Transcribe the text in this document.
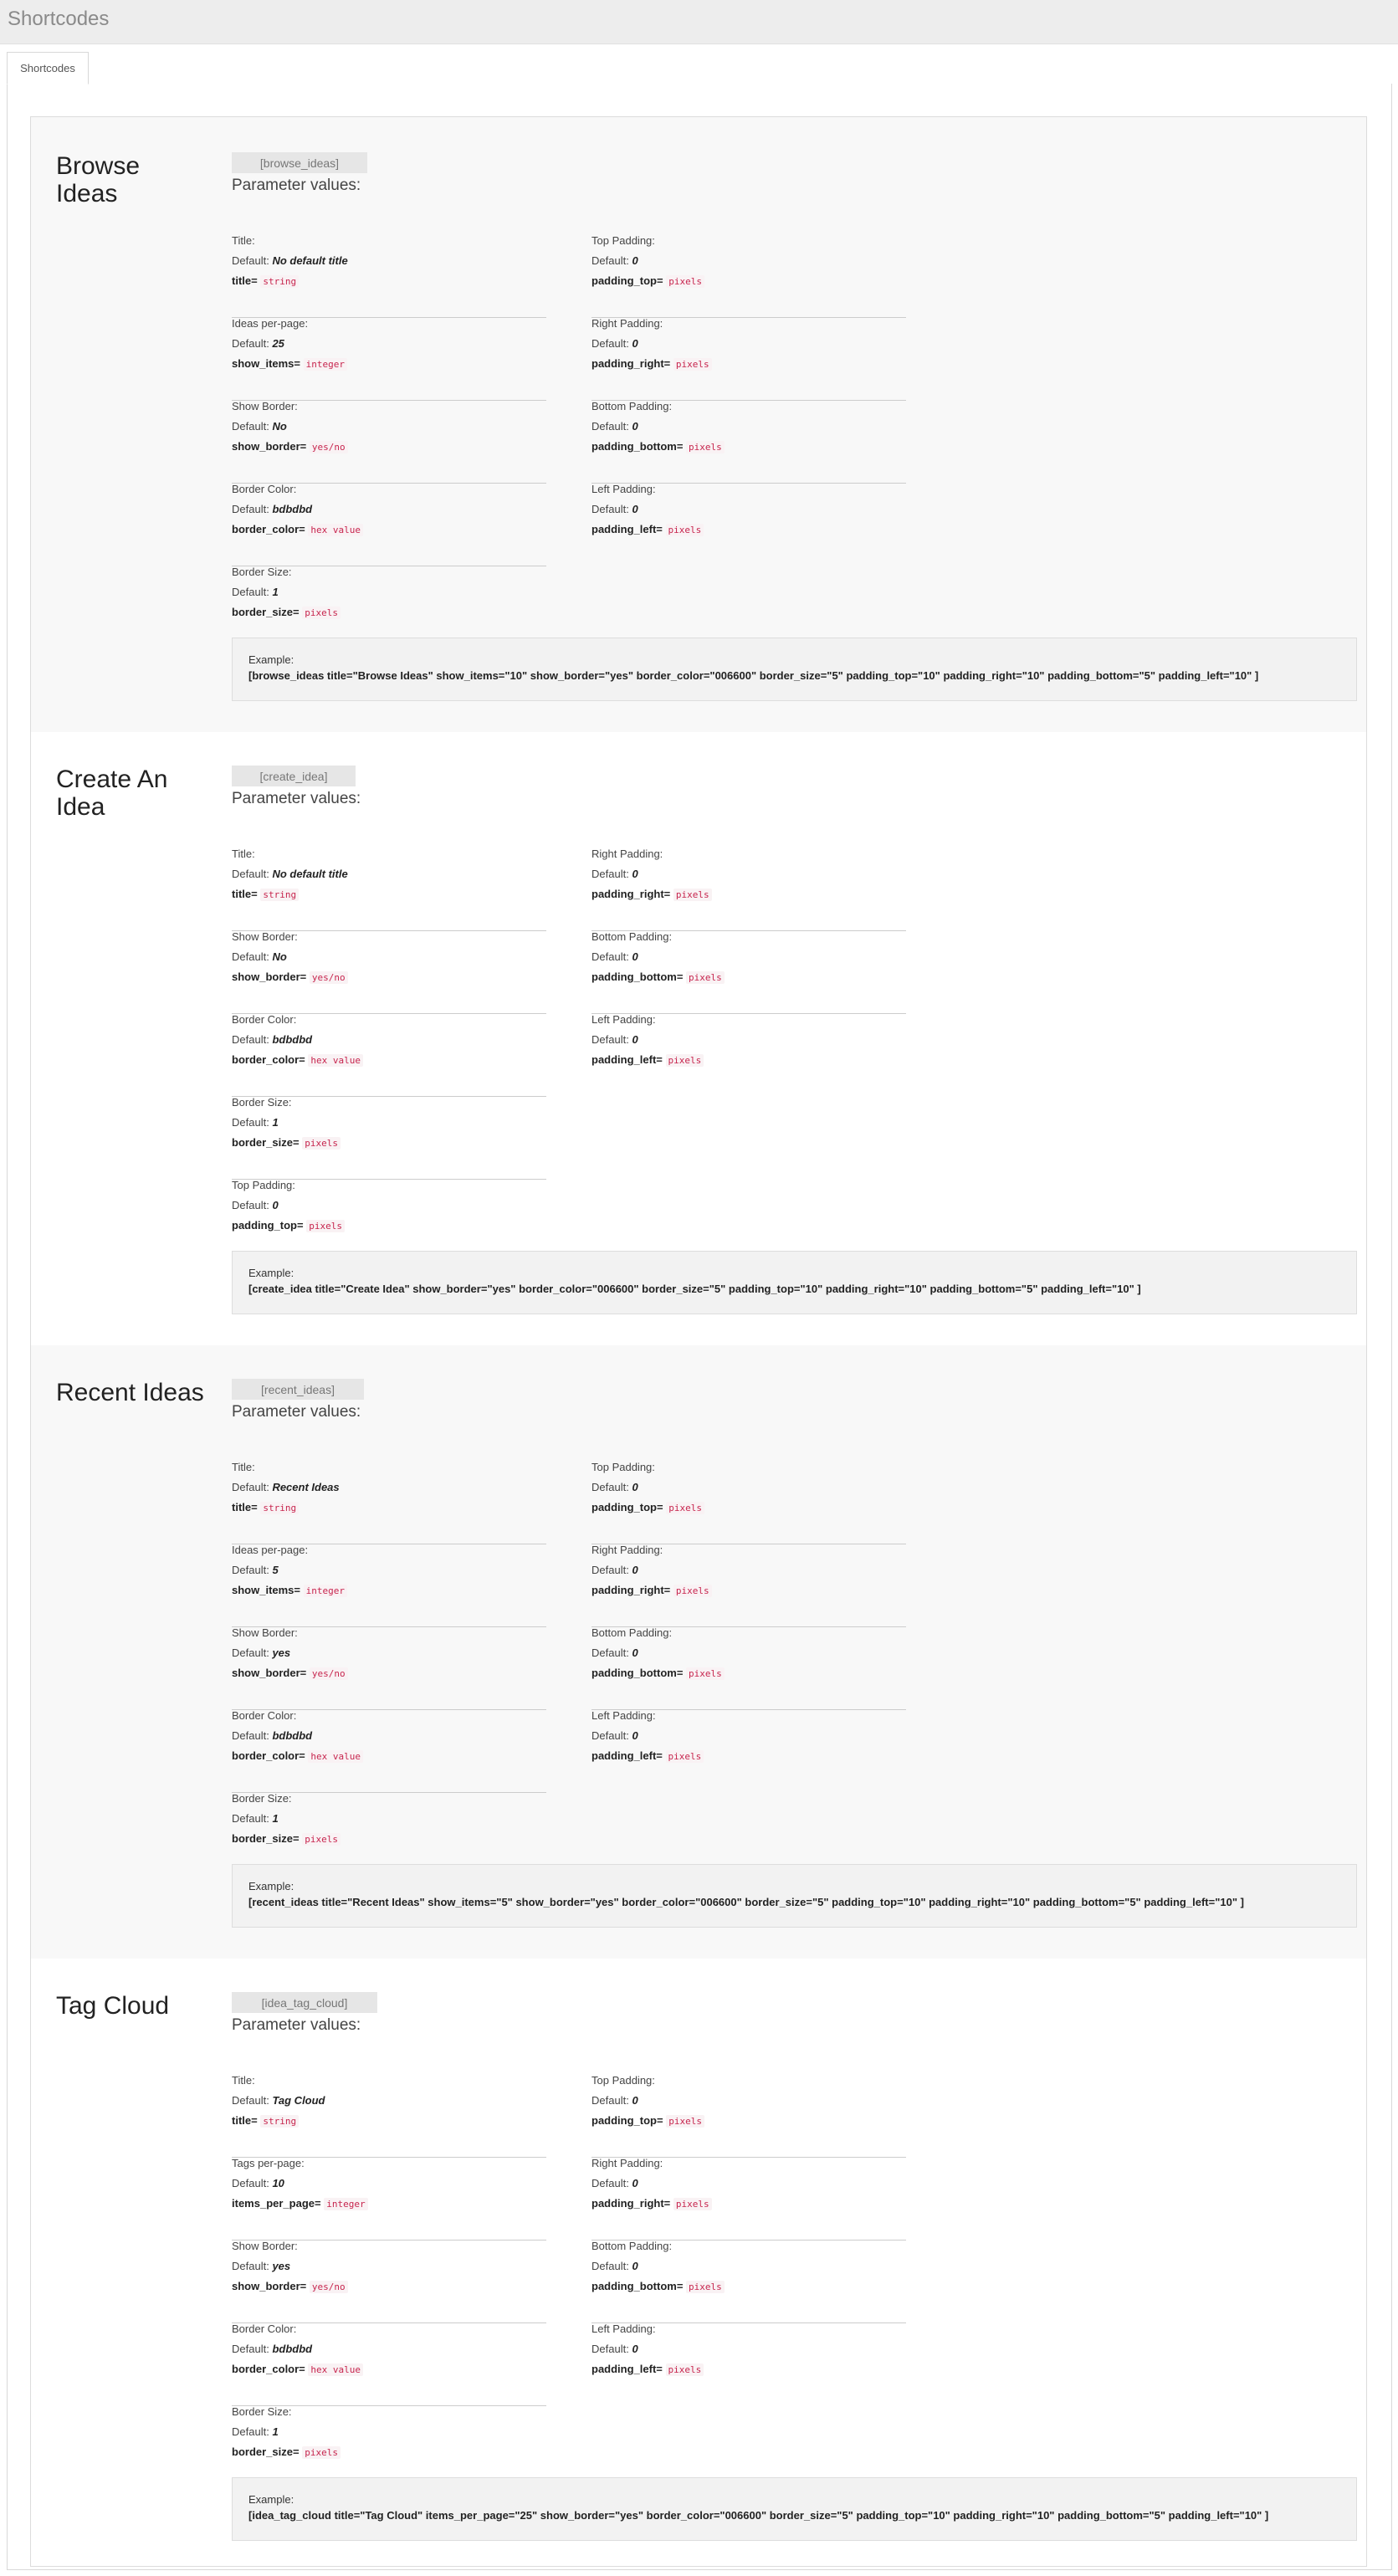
Shortcodes
Shortcodes
Browse Ideas
[browse_ideas]
Parameter values:
Title:
Default: No default title
title= string
Ideas per-page:
Default: 25
show_items= integer
Show Border:
Default: No
show_border= yes/no
Border Color:
Default: bdbdbd
border_color= hex value
Border Size:
Default: 1
border_size= pixels
Top Padding:
Default: 0
padding_top= pixels
Right Padding:
Default: 0
padding_right= pixels
Bottom Padding:
Default: 0
padding_bottom= pixels
Left Padding:
Default: 0
padding_left= pixels
Example:
[browse_ideas title="Browse Ideas" show_items="10" show_border="yes" border_color="006600" border_size="5" padding_top="10" padding_right="10" padding_bottom="5" padding_left="10" ]
Create An Idea
[create_idea]
Parameter values:
Title:
Default: No default title
title= string
Show Border:
Default: No
show_border= yes/no
Border Color:
Default: bdbdbd
border_color= hex value
Border Size:
Default: 1
border_size= pixels
Top Padding:
Default: 0
padding_top= pixels
Right Padding:
Default: 0
padding_right= pixels
Bottom Padding:
Default: 0
padding_bottom= pixels
Left Padding:
Default: 0
padding_left= pixels
Example:
[create_idea title="Create Idea" show_border="yes" border_color="006600" border_size="5" padding_top="10" padding_right="10" padding_bottom="5" padding_left="10" ]
Recent Ideas	[recent_ideas]
Parameter values:
Title:
Default: Recent Ideas
title= string
Ideas per-page:
Default: 5
show_items= integer
Show Border:
Default: yes
show_border= yes/no
Border Color:
Default: bdbdbd
border_color= hex value
Border Size:
Default: 1
border_size= pixels
Top Padding:
Default: 0
padding_top= pixels
Right Padding:
Default: 0
padding_right= pixels
Bottom Padding:
Default: 0
padding_bottom= pixels
Left Padding:
Default: 0
padding_left= pixels
Example:
[recent_ideas title="Recent Ideas" show_items="5" show_border="yes" border_color="006600" border_size="5" padding_top="10" padding_right="10" padding_bottom="5" padding_left="10" ]
Tag Cloud	[idea_tag_cloud]
Parameter values:
Title:
Default: Tag Cloud
title= string
Tags per-page:
Default: 10
items_per_page= integer
Show Border:
Default: yes
show_border= yes/no
Border Color:
Default: bdbdbd
border_color= hex value
Border Size:
Default: 1
border_size= pixels
Top Padding:
Default: 0
padding_top= pixels
Right Padding:
Default: 0
padding_right= pixels
Bottom Padding:
Default: 0
padding_bottom= pixels
Left Padding:
Default: 0
padding_left= pixels
Example:
[idea_tag_cloud title="Tag Cloud" items_per_page="25" show_border="yes" border_color="006600" border_size="5" padding_top="10" padding_right="10" padding_bottom="5" padding_left="10" ]
